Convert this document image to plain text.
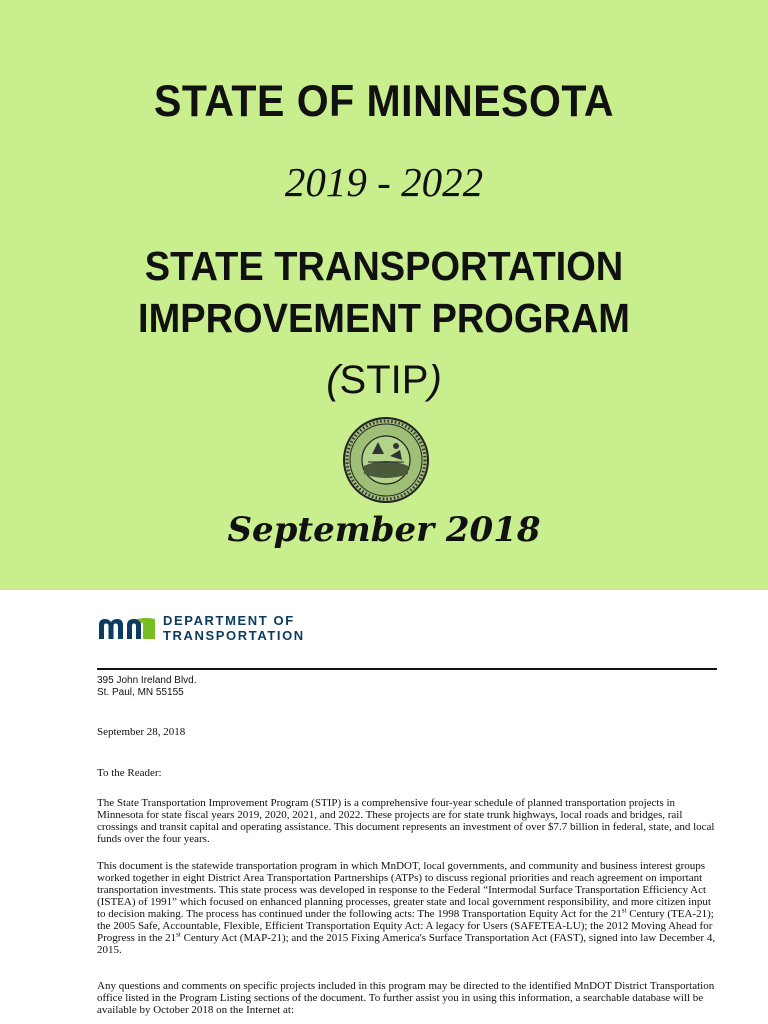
STATE OF MINNESOTA
2019 - 2022
STATE TRANSPORTATION
IMPROVEMENT PROGRAM
(STIP)
September 2018
DEPARTMENT OF
TRANSPORTATION
395 John Ireland Blvd.
St. Paul, MN 55155

September 28, 2018

To the Reader:

The State Transportation Improvement Program (STIP) is a comprehensive four-year schedule of planned transportation projects in Minnesota for state fiscal years 2019, 2020, 2021, and 2022. These projects are for state trunk highways, local roads and bridges, rail crossings and transit capital and operating assistance. This document represents an investment of over $7.7 billion in federal, state, and local funds over the four years.

This document is the statewide transportation program in which MnDOT, local governments, and community and business interest groups worked together in eight District Area Transportation Partnerships (ATPs) to discuss regional priorities and reach agreement on important transportation investments. This state process was developed in response to the Federal “Intermodal Surface Transportation Efficiency Act (ISTEA) of 1991” which focused on enhanced planning processes, greater state and local government responsibility, and more citizen input to decision making. The process has continued under the following acts: The 1998 Transportation Equity Act for the 21st Century (TEA-21); the 2005 Safe, Accountable, Flexible, Efficient Transportation Equity Act: A legacy for Users (SAFETEA-LU); the 2012 Moving Ahead for Progress in the 21st Century Act (MAP-21); and the 2015 Fixing America's Surface Transportation Act (FAST), signed into law December 4, 2015.

Any questions and comments on specific projects included in this program may be directed to the identified MnDOT District Transportation office listed in the Program Listing sections of the document. To further assist you in using this information, a searchable database will be available by October 2018 on the Internet at:
